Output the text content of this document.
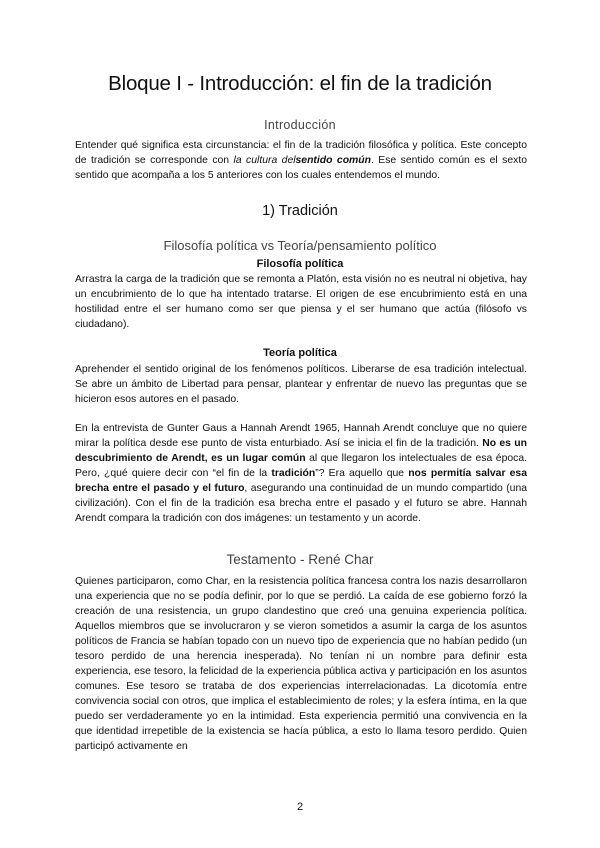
Bloque I - Introducción: el fin de la tradición
Introducción

Entender qué significa esta circunstancia: el fin de la tradición filosófica y política. Este concepto de tradición se corresponde con la cultura delsentido común. Ese sentido común es el sexto sentido que acompaña a los 5 anteriores con los cuales entendemos el mundo.

1) Tradición
Filosofía política vs Teoría/pensamiento político

Filosofía política

Arrastra la carga de la tradición que se remonta a Platón, esta visión no es neutral ni objetiva, hay un encubrimiento de lo que ha intentado tratarse. El origen de ese encubrimiento está en una hostilidad entre el ser humano como ser que piensa y el ser humano que actúa (filósofo vs ciudadano).

Teoría política

Aprehender el sentido original de los fenómenos políticos. Liberarse de esa tradición intelectual. Se abre un ámbito de Libertad para pensar, plantear y enfrentar de nuevo las preguntas que se hicieron esos autores en el pasado.

En la entrevista de Gunter Gaus a Hannah Arendt 1965, Hannah Arendt concluye que no quiere mirar la política desde ese punto de vista enturbiado. Así se inicia el fin de la tradición. No es un descubrimiento de Arendt, es un lugar común al que llegaron los intelectuales de esa época. Pero, ¿qué quiere decir con “el fin de la tradición”? Era aquello que nos permitía salvar esa brecha entre el pasado y el futuro, asegurando una continuidad de un mundo compartido (una civilización). Con el fin de la tradición esa brecha entre el pasado y el futuro se abre. Hannah Arendt compara la tradición con dos imágenes: un testamento y un acorde.

Testamento - René Char

Quienes participaron, como Char, en la resistencia política francesa contra los nazis desarrollaron una experiencia que no se podía definir, por lo que se perdió. La caída de ese gobierno forzó la creación de una resistencia, un grupo clandestino que creó una genuina experiencia política. Aquellos miembros que se involucraron y se vieron sometidos a asumir la carga de los asuntos políticos de Francia se habían topado con un nuevo tipo de experiencia que no habían pedido (un tesoro perdido de una herencia inesperada). No tenían ni un nombre para definir esta experiencia, ese tesoro, la felicidad de la experiencia pública activa y participación en los asuntos comunes. Ese tesoro se trataba de dos experiencias interrelacionadas. La dicotomía entre convivencia social con otros, que implica el establecimiento de roles; y la esfera íntima, en la que puedo ser verdaderamente yo en la intimidad. Esta experiencia permitió una convivencia en la que identidad irrepetible de la existencia se hacía pública, a esto lo llama tesoro perdido. Quien participó activamente en

2
